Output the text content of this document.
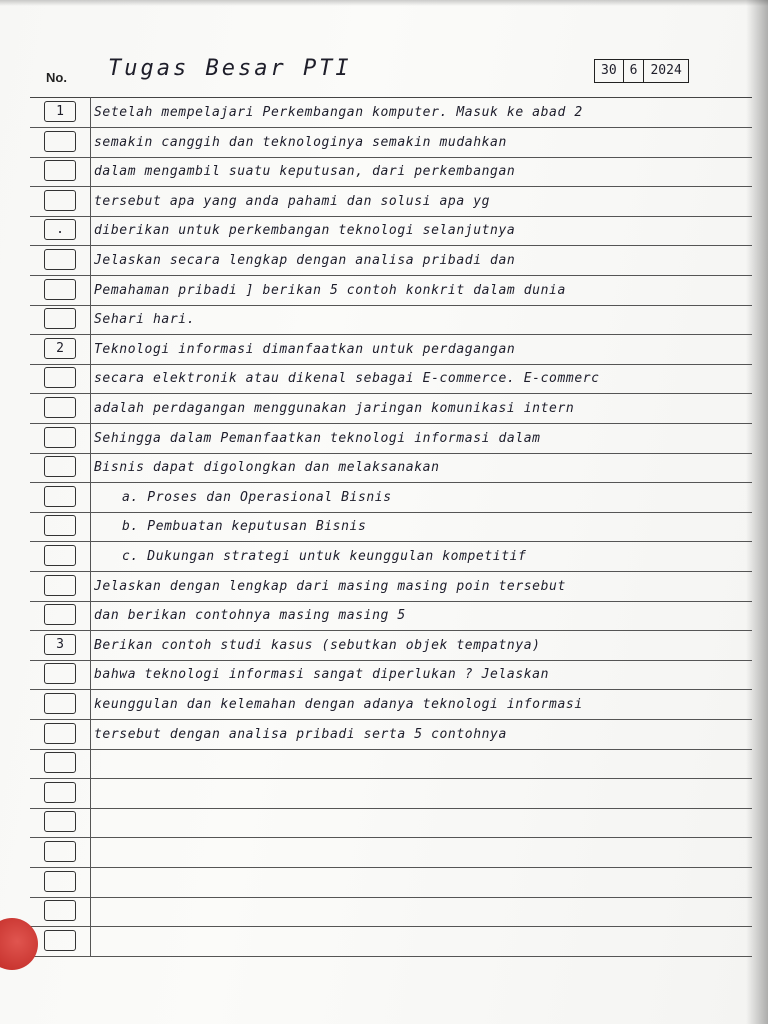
No. Tugas Besar PTI	30	6	2024
1	Setelah mempelajari Perkembangan komputer. Masuk ke abad 2
semakin canggih dan teknologinya semakin mudahkan
dalam mengambil suatu keputusan, dari perkembangan
tersebut apa yang anda pahami dan solusi apa yg
.	diberikan untuk perkembangan teknologi selanjutnya
Jelaskan secara lengkap dengan analisa pribadi dan
Pemahaman pribadi ] berikan 5 contoh konkrit dalam dunia
Sehari hari.
2	Teknologi informasi dimanfaatkan untuk perdagangan
secara elektronik atau dikenal sebagai E-commerce. E-commerc
adalah perdagangan menggunakan jaringan komunikasi intern
Sehingga dalam Pemanfaatkan teknologi informasi dalam
Bisnis dapat digolongkan dan melaksanakan
a. Proses dan Operasional Bisnis
b. Pembuatan keputusan Bisnis
c. Dukungan strategi untuk keunggulan kompetitif
Jelaskan dengan lengkap dari masing masing poin tersebut
dan berikan contohnya masing masing 5
3	Berikan contoh studi kasus (sebutkan objek tempatnya)
bahwa teknologi informasi sangat diperlukan ? Jelaskan
keunggulan dan kelemahan dengan adanya teknologi informasi
tersebut dengan analisa pribadi serta 5 contohnya
